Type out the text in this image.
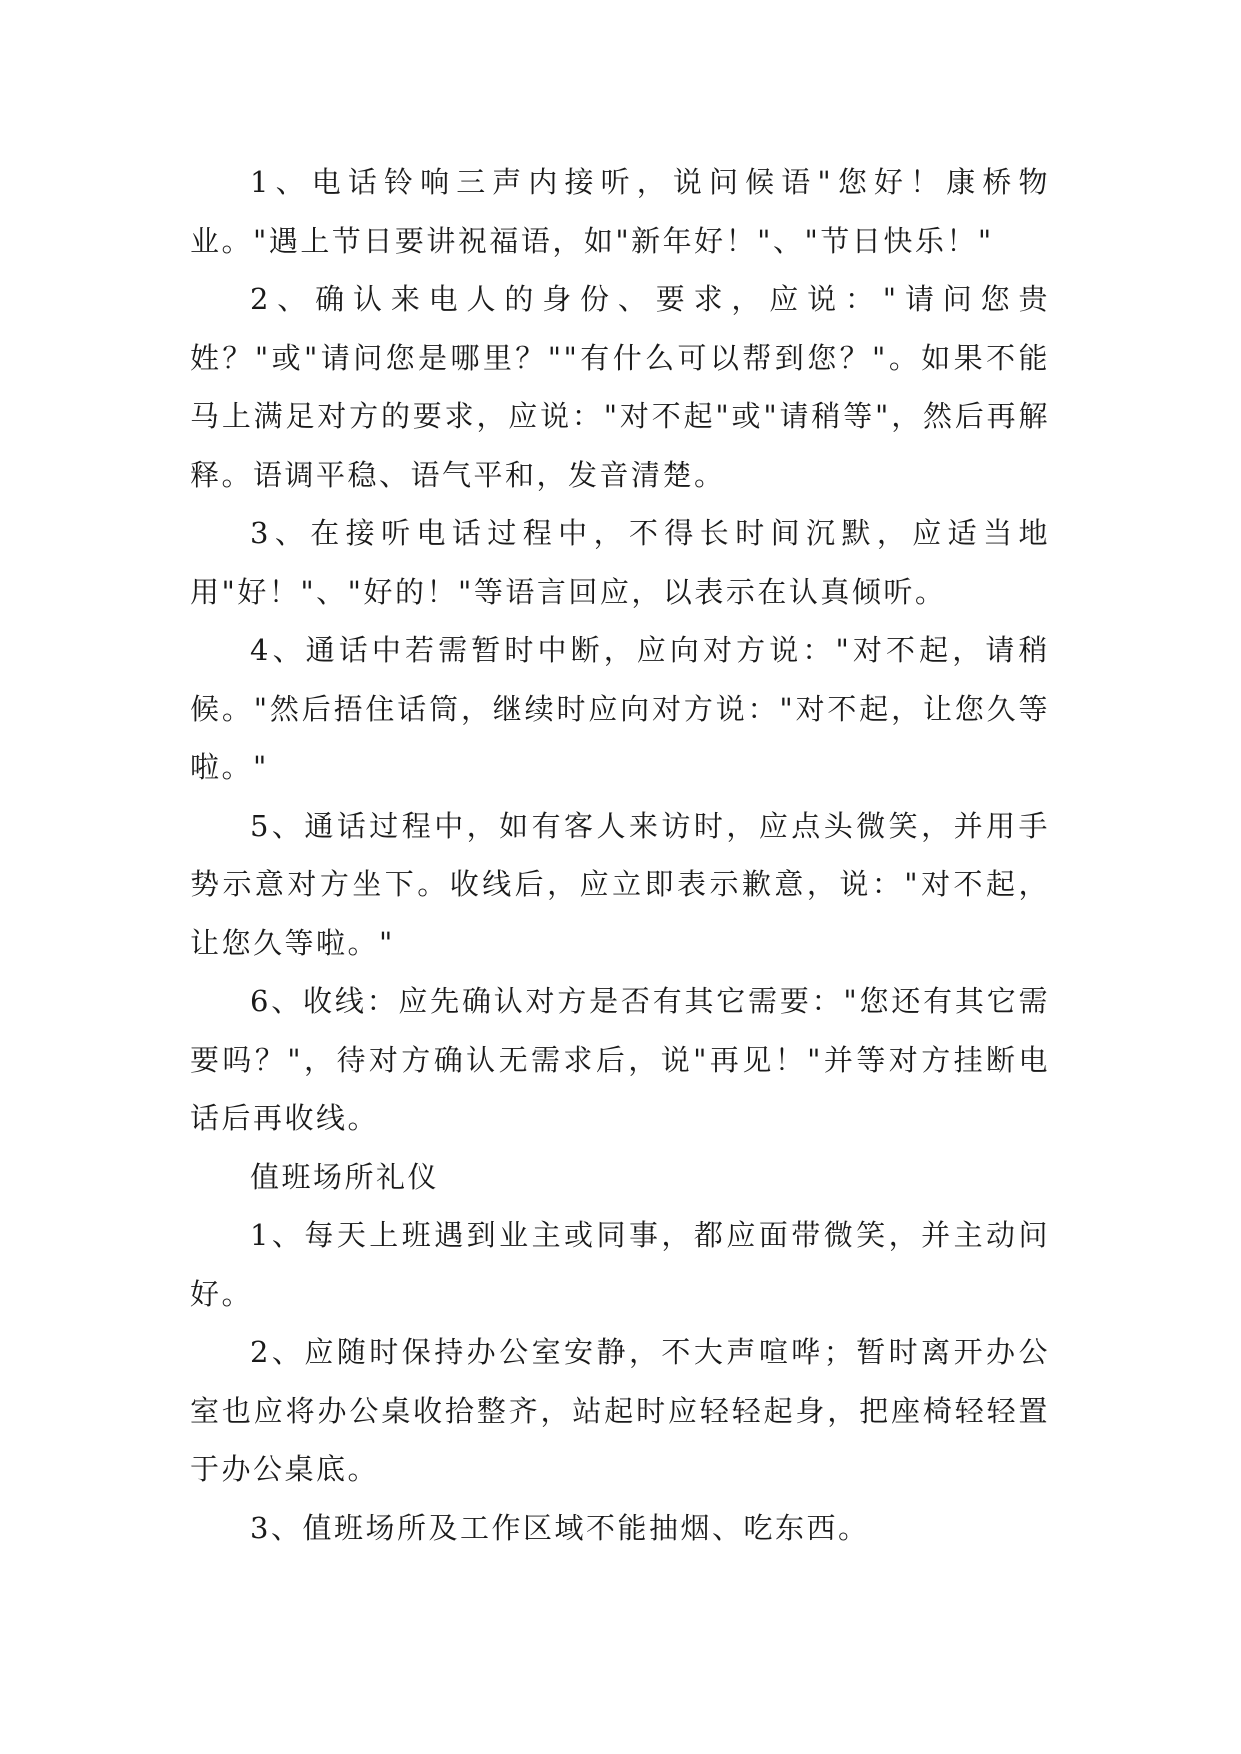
1、电话铃响三声内接听，说问候语"您好！康桥物业。"遇上节日要讲祝福语，如"新年好！"、"节日快乐！"

2、确认来电人的身份、要求，应说："请问您贵姓？"或"请问您是哪里？""有什么可以帮到您？"。如果不能马上满足对方的要求，应说："对不起"或"请稍等"，然后再解释。语调平稳、语气平和，发音清楚。

3、在接听电话过程中，不得长时间沉默，应适当地用"好！"、"好的！"等语言回应，以表示在认真倾听。

4、通话中若需暂时中断，应向对方说："对不起，请稍候。"然后捂住话筒，继续时应向对方说："对不起，让您久等啦。"

5、通话过程中，如有客人来访时，应点头微笑，并用手势示意对方坐下。收线后，应立即表示歉意，说："对不起，让您久等啦。"

6、收线：应先确认对方是否有其它需要："您还有其它需要吗？"，待对方确认无需求后，说"再见！"并等对方挂断电话后再收线。

值班场所礼仪

1、每天上班遇到业主或同事，都应面带微笑，并主动问好。

2、应随时保持办公室安静，不大声喧哗；暂时离开办公室也应将办公桌收拾整齐，站起时应轻轻起身，把座椅轻轻置于办公桌底。

3、值班场所及工作区域不能抽烟、吃东西。
